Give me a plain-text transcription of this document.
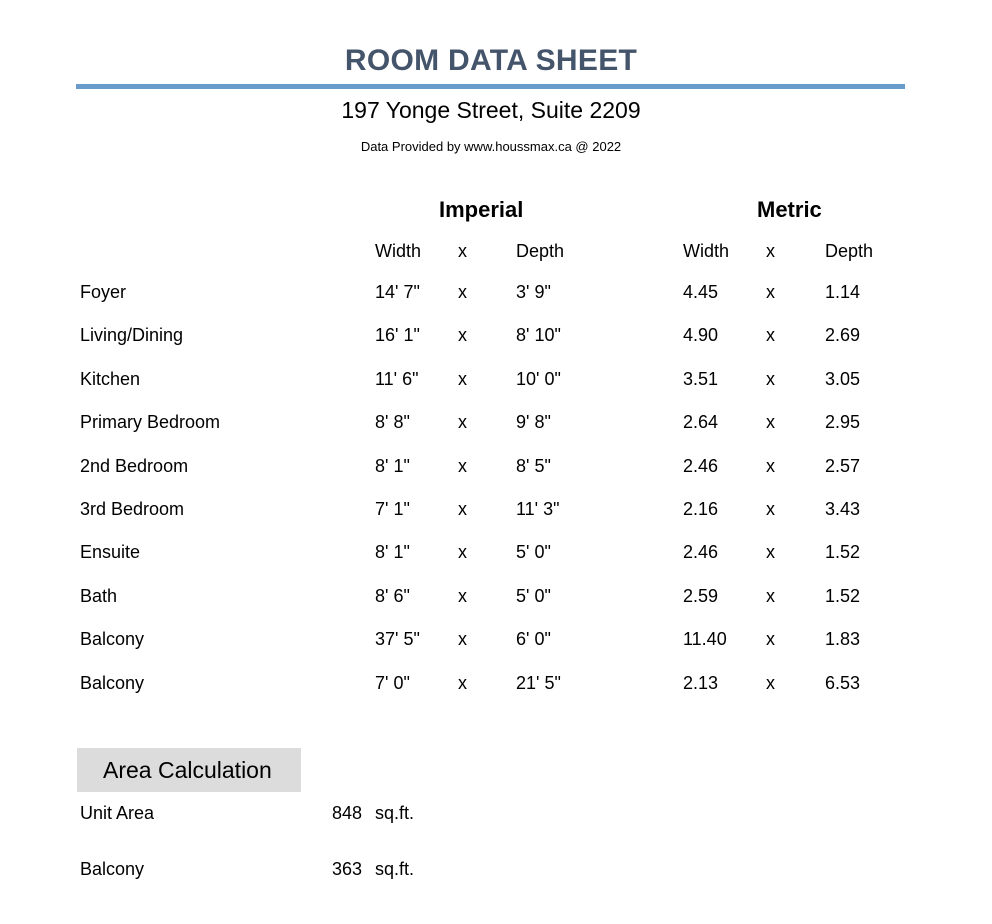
ROOM DATA SHEET
197 Yonge Street, Suite 2209
Data Provided by www.houssmax.ca @ 2022
Imperial	Metric
Width x	Depth	Width x	Depth
Foyer	14' 7" x	3' 9"	4.45	x	1.14
Living/Dining	16' 1" x	8' 10"	4.90	x	2.69
Kitchen	11' 6" x	10' 0"	3.51	x	3.05
Primary Bedroom	8' 8"	x	9' 8"	2.64	x	2.95
2nd Bedroom	8' 1"	x	8' 5"	2.46	x	2.57
3rd Bedroom	7' 1"	x	11' 3"	2.16	x	3.43
Ensuite	8' 1"	x	5' 0"	2.46	x	1.52
Bath	8' 6"	x	5' 0"	2.59	x	1.52
Balcony	37' 5" x	6' 0"	11.40 x	1.83
Balcony	7' 0"	x	21' 5"	2.13	x	6.53
Area Calculation
Unit Area	848 sq.ft.
Balcony	363 sq.ft.
